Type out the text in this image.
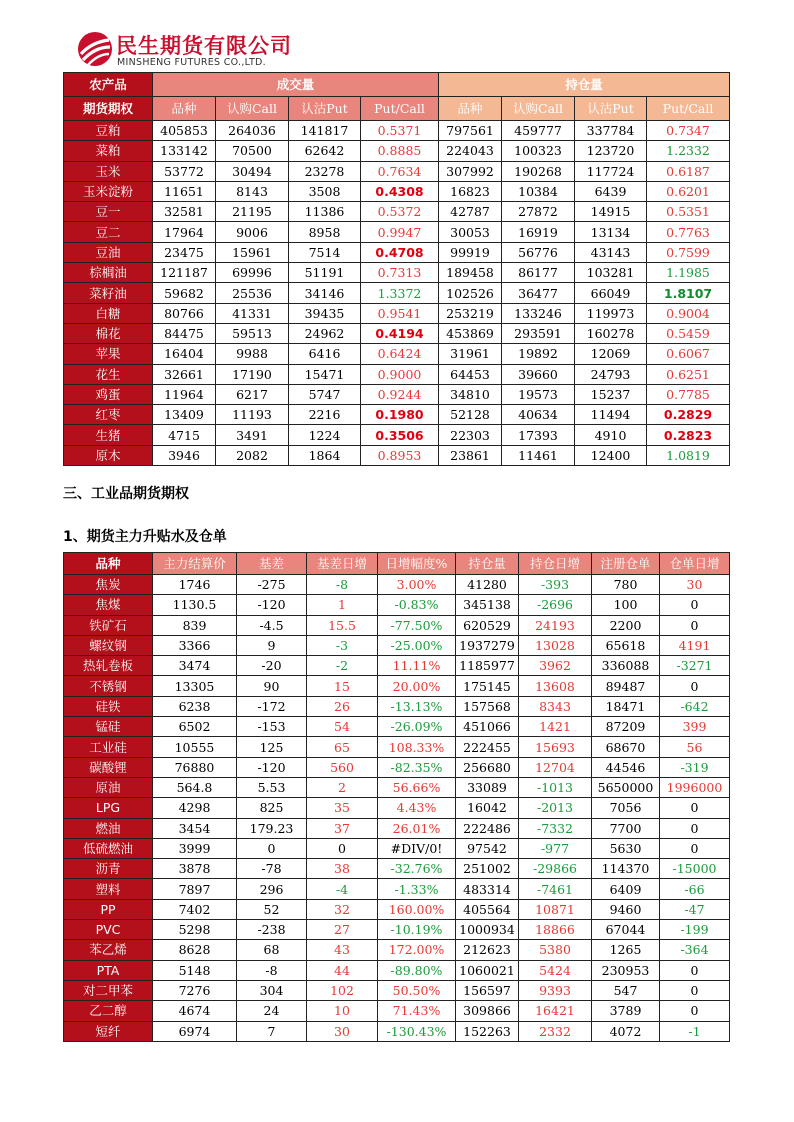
民生期货有限公司
MINSHENG FUTURES CO.,LTD.
农产品	成交量				持仓量			
期货期权	品种	认购Call	认沽Put	Put/Call	品种	认购Call	认沽Put	Put/Call
豆粕	405853	264036	141817	0.5371	797561	459777	337784	0.7347
菜粕	133142	70500	62642	0.8885	224043	100323	123720	1.2332
玉米	53772	30494	23278	0.7634	307992	190268	117724	0.6187
玉米淀粉	11651	8143	3508	0.4308	16823	10384	6439	0.6201
豆一	32581	21195	11386	0.5372	42787	27872	14915	0.5351
豆二	17964	9006	8958	0.9947	30053	16919	13134	0.7763
豆油	23475	15961	7514	0.4708	99919	56776	43143	0.7599
棕榈油	121187	69996	51191	0.7313	189458	86177	103281	1.1985
菜籽油	59682	25536	34146	1.3372	102526	36477	66049	1.8107
白糖	80766	41331	39435	0.9541	253219	133246	119973	0.9004
棉花	84475	59513	24962	0.4194	453869	293591	160278	0.5459
苹果	16404	9988	6416	0.6424	31961	19892	12069	0.6067
花生	32661	17190	15471	0.9000	64453	39660	24793	0.6251
鸡蛋	11964	6217	5747	0.9244	34810	19573	15237	0.7785
红枣	13409	11193	2216	0.1980	52128	40634	11494	0.2829
生猪	4715	3491	1224	0.3506	22303	17393	4910	0.2823
原木	3946	2082	1864	0.8953	23861	11461	12400	1.0819
三、工业品期货期权
1、期货主力升贴水及仓单
品种	主力结算价	基差	基差日增	日增幅度%	持仓量	持仓日增	注册仓单	仓单日增
焦炭	1746	-275	-8	3.00%	41280	-393	780	30
焦煤	1130.5	-120	1	-0.83%	345138	-2696	100	0
铁矿石	839	-4.5	15.5	-77.50%	620529	24193	2200	0
螺纹钢	3366	9	-3	-25.00%	1937279	13028	65618	4191
热轧卷板	3474	-20	-2	11.11%	1185977	3962	336088	-3271
不锈钢	13305	90	15	20.00%	175145	13608	89487	0
硅铁	6238	-172	26	-13.13%	157568	8343	18471	-642
锰硅	6502	-153	54	-26.09%	451066	1421	87209	399
工业硅	10555	125	65	108.33%	222455	15693	68670	56
碳酸锂	76880	-120	560	-82.35%	256680	12704	44546	-319
原油	564.8	5.53	2	56.66%	33089	-1013	5650000	1996000
LPG	4298	825	35	4.43%	16042	-2013	7056	0
燃油	3454	179.23	37	26.01%	222486	-7332	7700	0
低硫燃油	3999	0	0	#DIV/0!	97542	-977	5630	0
沥青	3878	-78	38	-32.76%	251002	-29866	114370	-15000
塑料	7897	296	-4	-1.33%	483314	-7461	6409	-66
PP	7402	52	32	160.00%	405564	10871	9460	-47
PVC	5298	-238	27	-10.19%	1000934	18866	67044	-199
苯乙烯	8628	68	43	172.00%	212623	5380	1265	-364
PTA	5148	-8	44	-89.80%	1060021	5424	230953	0
对二甲苯	7276	304	102	50.50%	156597	9393	547	0
乙二醇	4674	24	10	71.43%	309866	16421	3789	0
短纤	6974	7	30	-130.43%	152263	2332	4072	-1
